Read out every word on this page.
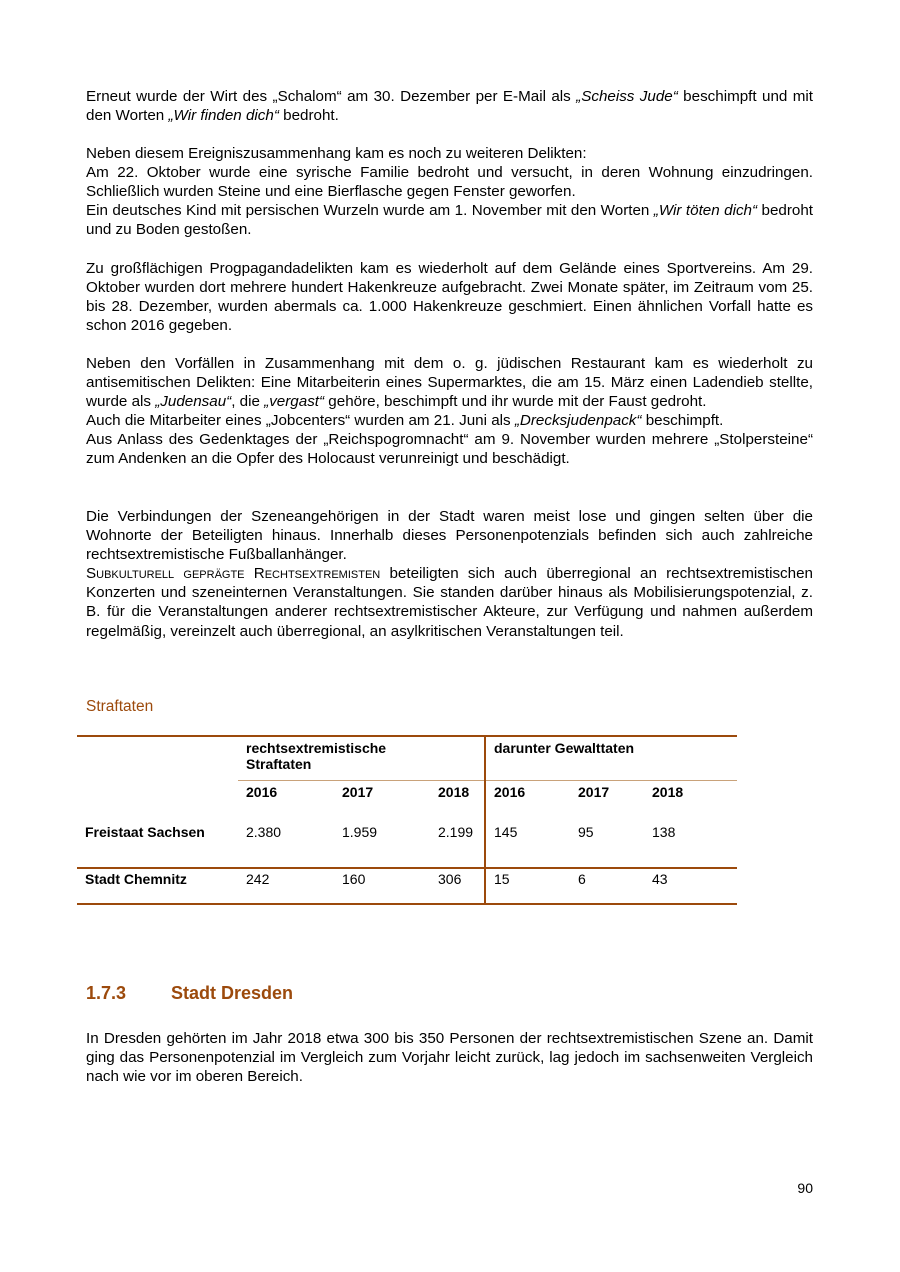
Erneut wurde der Wirt des „Schalom“ am 30. Dezember per E-Mail als „Scheiss Jude“ beschimpft und mit den Worten „Wir finden dich“ bedroht.

Neben diesem Ereigniszusammenhang kam es noch zu weiteren Delikten:

Am 22. Oktober wurde eine syrische Familie bedroht und versucht, in deren Wohnung einzudringen. Schließlich wurden Steine und eine Bierflasche gegen Fenster geworfen.

Ein deutsches Kind mit persischen Wurzeln wurde am 1. November mit den Worten „Wir töten dich“ bedroht und zu Boden gestoßen.

Zu großflächigen Progpagandadelikten kam es wiederholt auf dem Gelände eines Sportvereins. Am 29. Oktober wurden dort mehrere hundert Hakenkreuze aufgebracht. Zwei Monate später, im Zeitraum vom 25. bis 28. Dezember, wurden abermals ca. 1.000 Hakenkreuze geschmiert. Einen ähnlichen Vorfall hatte es schon 2016 gegeben.

Neben den Vorfällen in Zusammenhang mit dem o. g. jüdischen Restaurant kam es wiederholt zu antisemitischen Delikten: Eine Mitarbeiterin eines Supermarktes, die am 15. März einen Ladendieb stellte, wurde als „Judensau“, die „vergast“ gehöre, beschimpft und ihr wurde mit der Faust gedroht.

Auch die Mitarbeiter eines „Jobcenters“ wurden am 21. Juni als „Drecksjudenpack“ beschimpft.

Aus Anlass des Gedenktages der „Reichspogromnacht“ am 9. November wurden mehrere „Stolpersteine“ zum Andenken an die Opfer des Holocaust verunreinigt und beschädigt.

Die Verbindungen der Szeneangehörigen in der Stadt waren meist lose und gingen selten über die Wohnorte der Beteiligten hinaus. Innerhalb dieses Personenpotenzials befinden sich auch zahlreiche rechtsextremistische Fußballanhänger.

Subkulturell geprägte Rechtsextremisten beteiligten sich auch überregional an rechtsextremistischen Konzerten und szeneinternen Veranstaltungen. Sie standen darüber hinaus als Mobilisierungspotenzial, z. B. für die Veranstaltungen anderer rechtsextremistischer Akteure, zur Verfügung und nahmen außerdem regelmäßig, vereinzelt auch überregional, an asylkritischen Veranstaltungen teil.

Straftaten
	rechtsextremistische Straftaten			darunter Gewalttaten		
	2016	2017	2018	2016	2017	2018
Freistaat Sachsen	2.380	1.959	2.199	145	95	138
Stadt Chemnitz	242	160	306	15	6	43
1.7.3 Stadt Dresden

In Dresden gehörten im Jahr 2018 etwa 300 bis 350 Personen der rechtsextremistischen Szene an. Damit ging das Personenpotenzial im Vergleich zum Vorjahr leicht zurück, lag jedoch im sachsenweiten Vergleich nach wie vor im oberen Bereich.

90
